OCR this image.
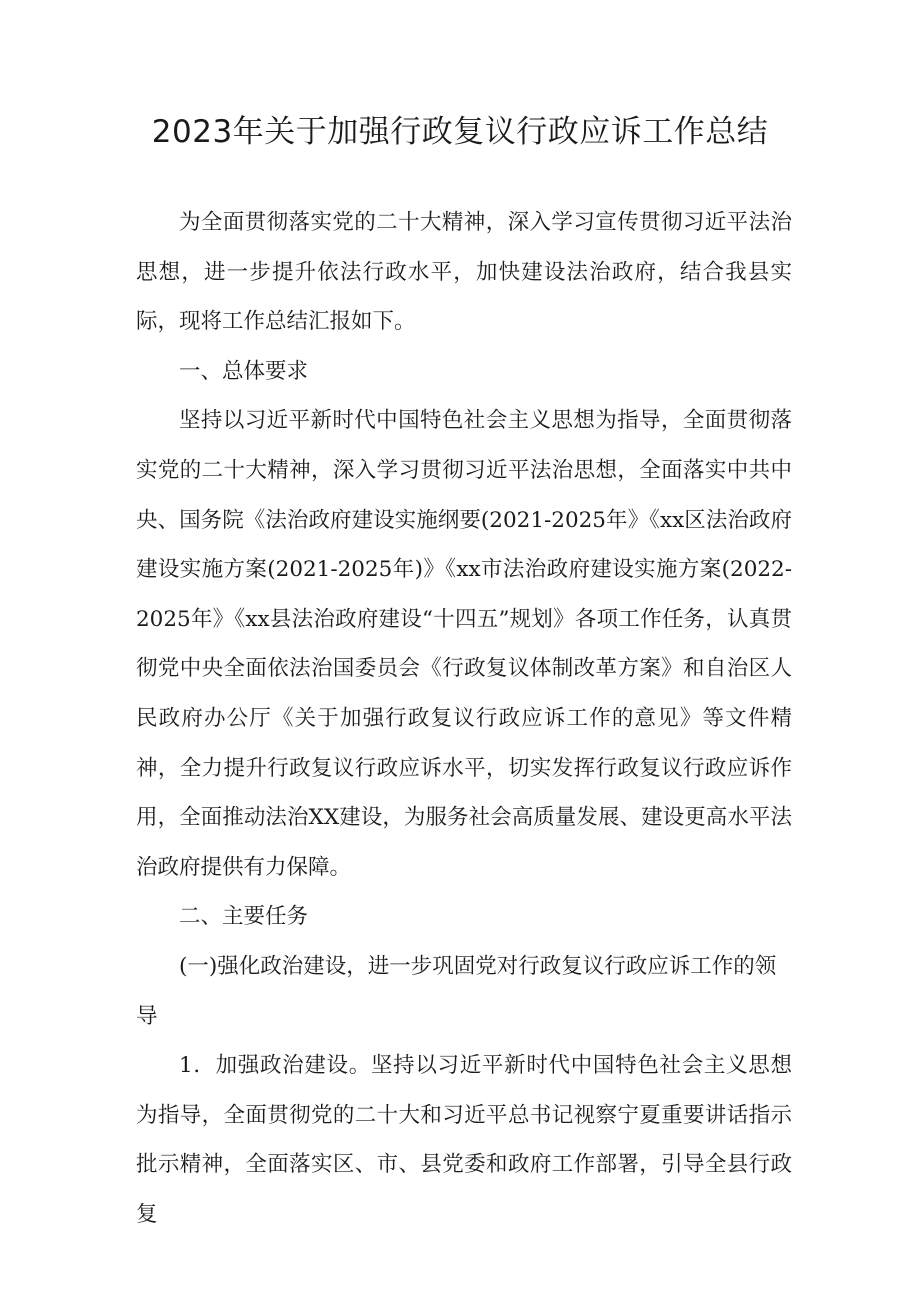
2023年关于加强行政复议行政应诉工作总结

为全面贯彻落实党的二十大精神，深入学习宣传贯彻习近平法治思想，进一步提升依法行政水平，加快建设法治政府，结合我县实际，现将工作总结汇报如下。

一、总体要求

坚持以习近平新时代中国特色社会主义思想为指导，全面贯彻落实党的二十大精神，深入学习贯彻习近平法治思想，全面落实中共中央、国务院《法治政府建设实施纲要(2021-2025年》《xx区法治政府建设实施方案(2021-2025年)》《xx市法治政府建设实施方案(2022-2025年》《xx县法治政府建设“十四五”规划》各项工作任务，认真贯彻党中央全面依法治国委员会《行政复议体制改革方案》和自治区人民政府办公厅《关于加强行政复议行政应诉工作的意见》等文件精神，全力提升行政复议行政应诉水平，切实发挥行政复议行政应诉作用，全面推动法治XX建设，为服务社会高质量发展、建设更高水平法治政府提供有力保障。

二、主要任务

(一)强化政治建设，进一步巩固党对行政复议行政应诉工作的领导

1．加强政治建设。坚持以习近平新时代中国特色社会主义思想为指导，全面贯彻党的二十大和习近平总书记视察宁夏重要讲话指示批示精神，全面落实区、市、县党委和政府工作部署，引导全县行政复
